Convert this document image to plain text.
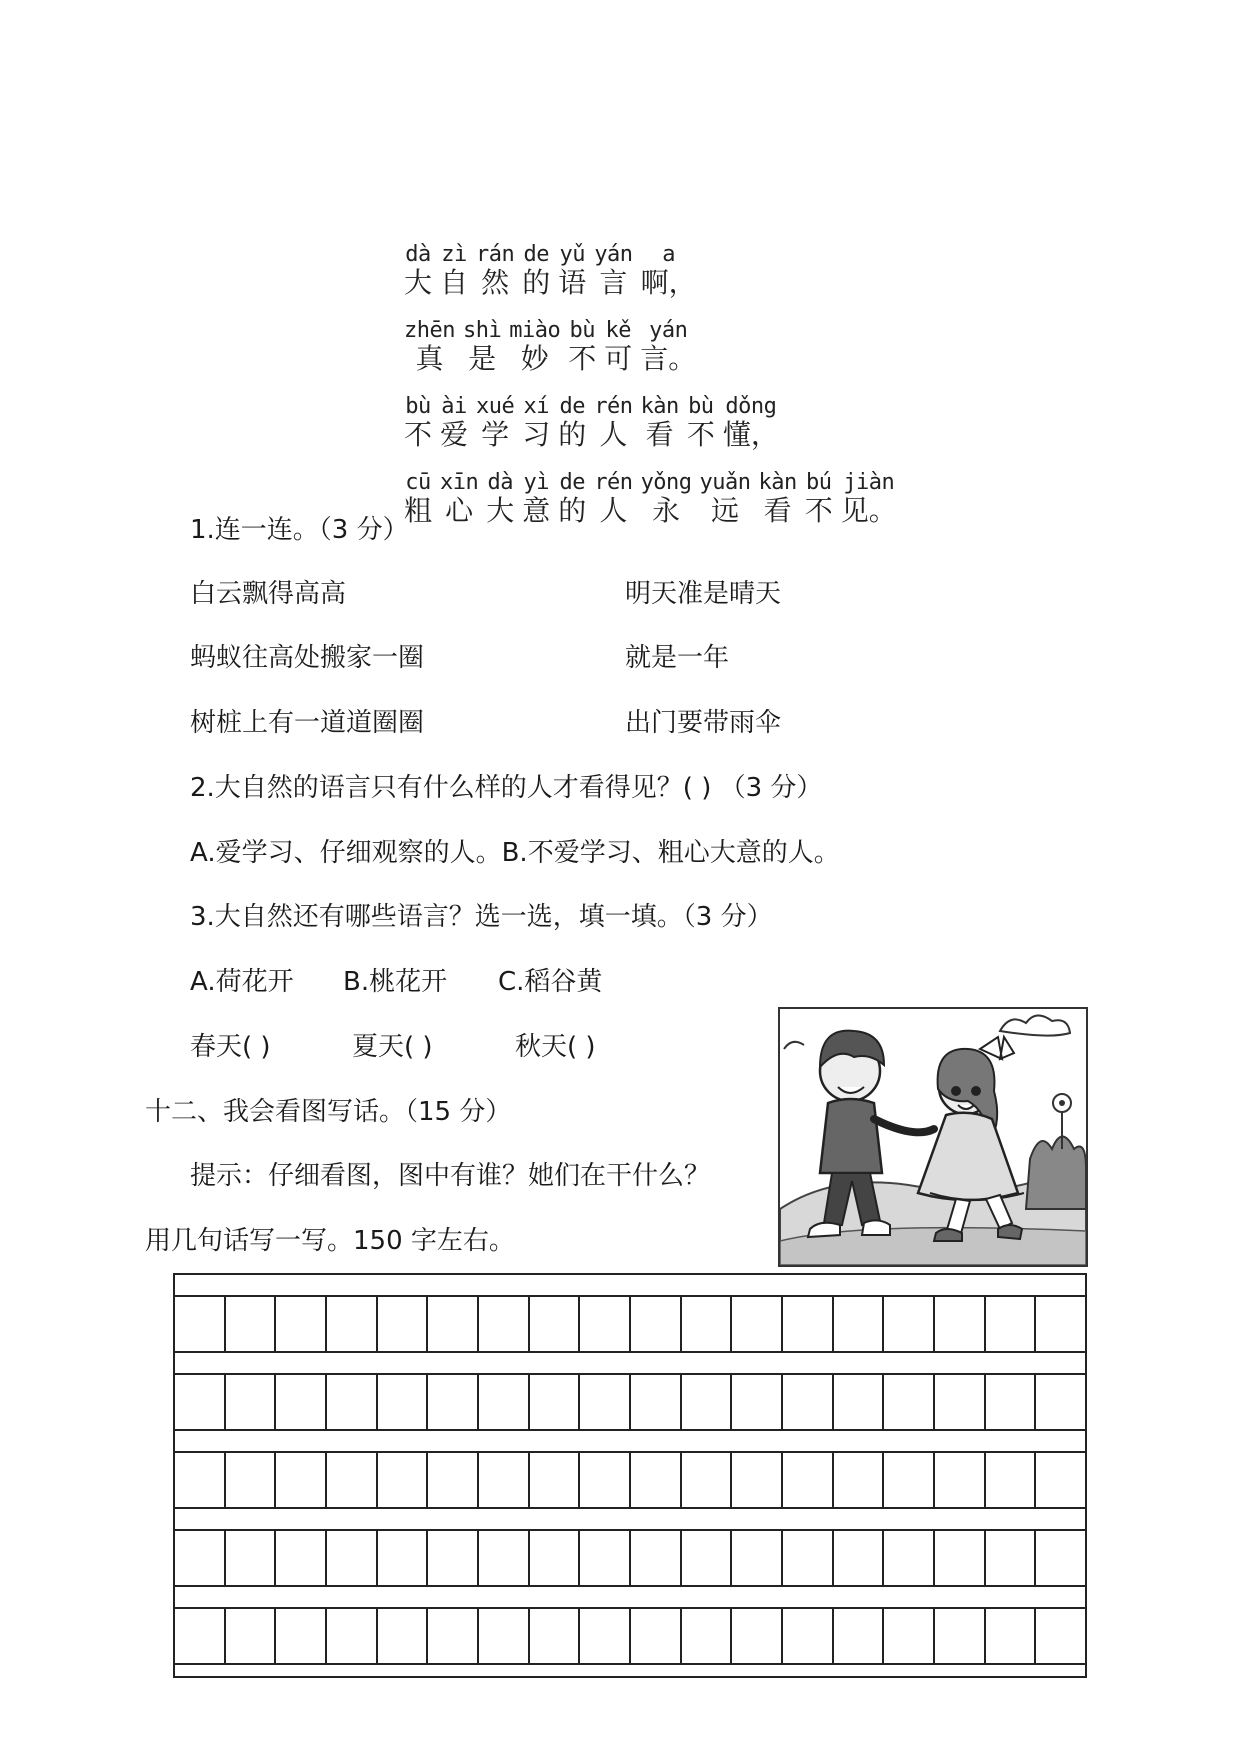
dà
大
zì
自
rán
然
de
的
yǔ
语
yán
言
a
啊，
zhēn
真
shì
是
miào
妙
bù
不
kě
可
yán
言。
bù
不
ài
爱
xué
学
xí
习
de
的
rén
人
kàn
看
bù
不
dǒng
懂，
cū
粗
xīn
心
dà
大
yì
意
de
的
rén
人
yǒng
永
yuǎn
远
kàn
看
bú
不
jiàn
见。
1.连一连。（3 分）
白云飘得高高	明天准是晴天
蚂蚁往高处搬家一圈	就是一年
树桩上有一道道圈圈	出门要带雨伞
2.大自然的语言只有什么样的人才看得见？( ) （3 分）
A.爱学习、仔细观察的人。B.不爱学习、粗心大意的人。
3.大自然还有哪些语言？选一选，填一填。（3 分）
A.荷花开 B.桃花开 C.稻谷黄
春天( )	夏天( )	秋天( )
十二、我会看图写话。（15 分）
提示：仔细看图，图中有谁？她们在干什么？
用几句话写一写。150 字左右。
